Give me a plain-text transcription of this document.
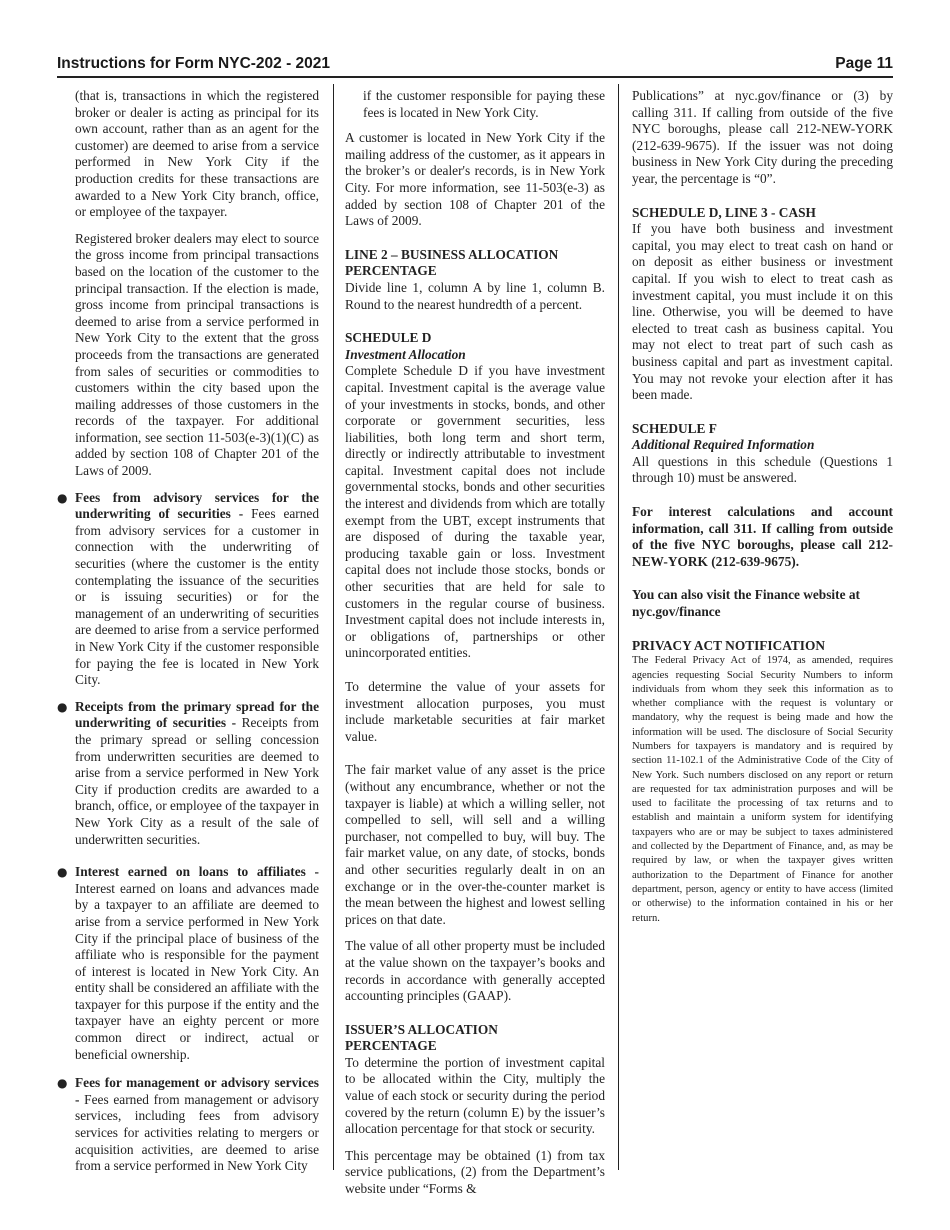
Instructions for Form NYC-202 - 2021	Page 11

(that is, transactions in which the registered broker or dealer is acting as principal for its own account, rather than as an agent for the customer) are deemed to arise from a service performed in New York City if the production credits for these transactions are awarded to a New York City branch, office, or employee of the taxpayer.

Registered broker dealers may elect to source the gross income from principal transactions based on the location of the customer to the principal transaction. If the election is made, gross income from principal transactions is deemed to arise from a service performed in New York City to the extent that the gross proceeds from the transactions are generated from sales of securities or commodities to customers within the city based upon the mailing addresses of those customers in the records of the taxpayer. For additional information, see section 11-503(e-3)(1)(C) as added by section 108 of Chapter 201 of the Laws of 2009.

● Fees from advisory services for the underwriting of securities - Fees earned from advisory services for a customer in connection with the underwriting of securities (where the customer is the entity contemplating the issuance of the securities or is issuing securities) or for the management of an underwriting of securities are deemed to arise from a service performed in New York City if the customer responsible for paying the fee is located in New York City.
● Receipts from the primary spread for the underwriting of securities - Receipts from the primary spread or selling concession from underwritten securities are deemed to arise from a service performed in New York City if production credits are awarded to a branch, office, or employee of the taxpayer in New York City as a result of the sale of underwritten securities.
● Interest earned on loans to affiliates - Interest earned on loans and advances made by a taxpayer to an affiliate are deemed to arise from a service performed in New York City if the principal place of business of the affiliate who is responsible for the payment of interest is located in New York City. An entity shall be considered an affiliate with the taxpayer for this purpose if the entity and the taxpayer have an eighty percent or more common direct or indirect, actual or beneficial ownership.
● Fees for management or advisory services - Fees earned from management or advisory services, including fees from advisory services for activities relating to mergers or acquisition activities, are deemed to arise from a service performed in New York City

if the customer responsible for paying these fees is located in New York City.

A customer is located in New York City if the mailing address of the customer, as it appears in the broker’s or dealer's records, is in New York City. For more information, see 11-503(e-3) as added by section 108 of Chapter 201 of the Laws of 2009.

LINE 2 – BUSINESS ALLOCATION PERCENTAGE

Divide line 1, column A by line 1, column B. Round to the nearest hundredth of a percent.

SCHEDULE D

Investment Allocation

Complete Schedule D if you have investment capital. Investment capital is the average value of your investments in stocks, bonds, and other corporate or government securities, less liabilities, both long term and short term, directly or indirectly attributable to investment capital. Investment capital does not include governmental stocks, bonds and other securities the interest and dividends from which are totally exempt from the UBT, except instruments that are disposed of during the taxable year, producing taxable gain or loss. Investment capital does not include those stocks, bonds or other securities that are held for sale to customers in the regular course of business. Investment capital does not include interests in, or obligations of, partnerships or other unincorporated entities.

To determine the value of your assets for investment allocation purposes, you must include marketable securities at fair market value.

The fair market value of any asset is the price (without any encumbrance, whether or not the taxpayer is liable) at which a willing seller, not compelled to sell, will sell and a willing purchaser, not compelled to buy, will buy. The fair market value, on any date, of stocks, bonds and other securities regularly dealt in on an exchange or in the over-the-counter market is the mean between the highest and lowest selling prices on that date.

The value of all other property must be included at the value shown on the taxpayer’s books and records in accordance with generally accepted accounting principles (GAAP).

ISSUER’S ALLOCATION

PERCENTAGE

To determine the portion of investment capital to be allocated within the City, multiply the value of each stock or security during the period covered by the return (column E) by the issuer’s allocation percentage for that stock or security.

This percentage may be obtained (1) from tax service publications, (2) from the Department’s website under “Forms &

Publications” at nyc.gov/finance or (3) by calling 311. If calling from outside of the five NYC boroughs, please call 212-NEW-YORK (212-639-9675). If the issuer was not doing business in New York City during the preceding year, the percentage is “0”.

SCHEDULE D, LINE 3 - CASH

If you have both business and investment capital, you may elect to treat cash on hand or on deposit as either business or investment capital. If you wish to elect to treat cash as investment capital, you must include it on this line. Otherwise, you will be deemed to have elected to treat cash as business capital. You may not elect to treat part of such cash as business capital and part as investment capital. You may not revoke your election after it has been made.

SCHEDULE F

Additional Required Information

All questions in this schedule (Questions 1 through 10) must be answered.

For interest calculations and account information, call 311. If calling from outside of the five NYC boroughs, please call 212-NEW-YORK (212-639-9675).

You can also visit the Finance website at nyc.gov/finance

PRIVACY ACT NOTIFICATION

The Federal Privacy Act of 1974, as amended, requires agencies requesting Social Security Numbers to inform individuals from whom they seek this information as to whether compliance with the request is voluntary or mandatory, why the request is being made and how the information will be used. The disclosure of Social Security Numbers for taxpayers is mandatory and is required by section 11-102.1 of the Administrative Code of the City of New York. Such numbers disclosed on any report or return are requested for tax administration purposes and will be used to facilitate the processing of tax returns and to establish and maintain a uniform system for identifying taxpayers who are or may be subject to taxes administered and collected by the Department of Finance, and, as may be required by law, or when the taxpayer gives written authorization to the Department of Finance for another department, person, agency or entity to have access (limited or otherwise) to the information contained in his or her return.
